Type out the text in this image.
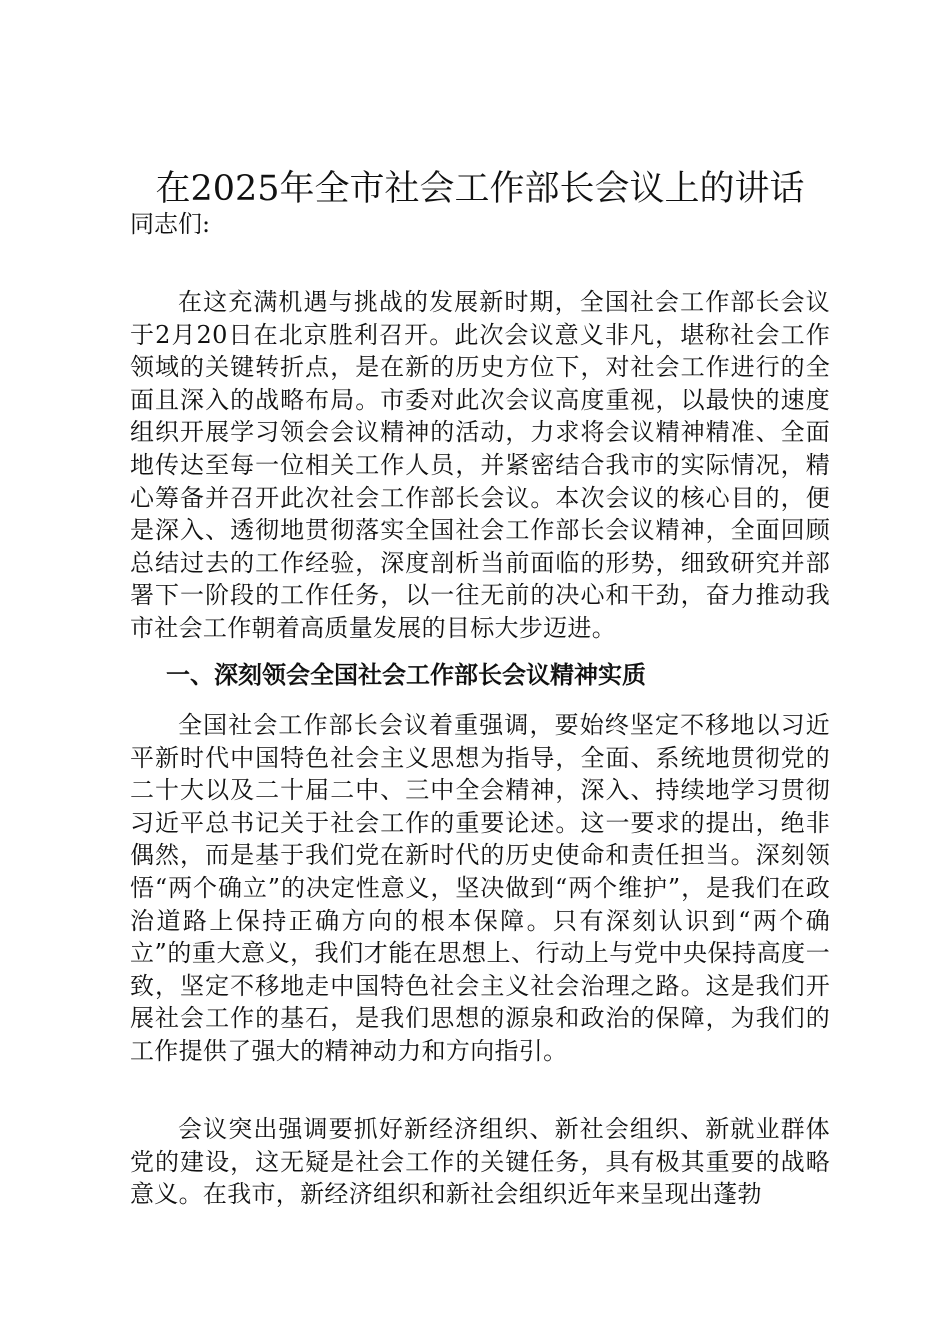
在2025年全市社会工作部长会议上的讲话

同志们:

在这充满机遇与挑战的发展新时期，全国社会工作部长会议于2月20日在北京胜利召开。此次会议意义非凡，堪称社会工作领域的关键转折点，是在新的历史方位下，对社会工作进行的全面且深入的战略布局。市委对此次会议高度重视，以最快的速度组织开展学习领会会议精神的活动，力求将会议精神精准、全面地传达至每一位相关工作人员，并紧密结合我市的实际情况，精心筹备并召开此次社会工作部长会议。本次会议的核心目的，便是深入、透彻地贯彻落实全国社会工作部长会议精神，全面回顾总结过去的工作经验，深度剖析当前面临的形势，细致研究并部署下一阶段的工作任务，以一往无前的决心和干劲，奋力推动我市社会工作朝着高质量发展的目标大步迈进。

一、深刻领会全国社会工作部长会议精神实质

全国社会工作部长会议着重强调，要始终坚定不移地以习近平新时代中国特色社会主义思想为指导，全面、系统地贯彻党的二十大以及二十届二中、三中全会精神，深入、持续地学习贯彻习近平总书记关于社会工作的重要论述。这一要求的提出，绝非偶然，而是基于我们党在新时代的历史使命和责任担当。深刻领悟“两个确立”的决定性意义，坚决做到“两个维护”，是我们在政治道路上保持正确方向的根本保障。只有深刻认识到“两个确立”的重大意义，我们才能在思想上、行动上与党中央保持高度一致，坚定不移地走中国特色社会主义社会治理之路。这是我们开展社会工作的基石，是我们思想的源泉和政治的保障，为我们的工作提供了强大的精神动力和方向指引。

会议突出强调要抓好新经济组织、新社会组织、新就业群体党的建设，这无疑是社会工作的关键任务，具有极其重要的战略意义。在我市，新经济组织和新社会组织近年来呈现出蓬勃
